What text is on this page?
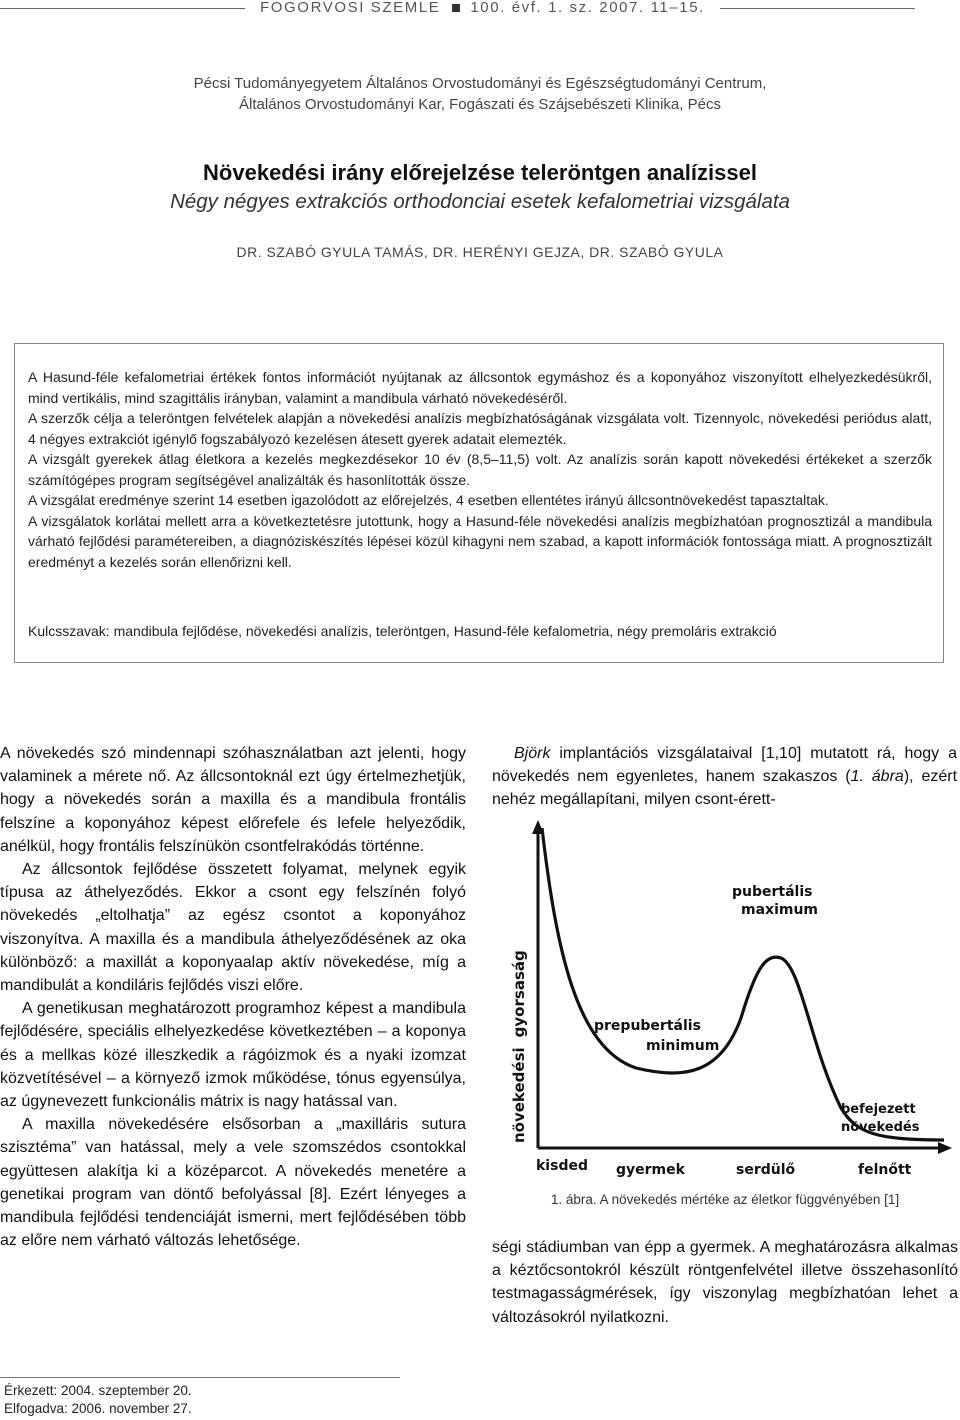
FOGORVOSI SZEMLE 100. évf. 1. sz. 2007. 11–15.
Pécsi Tudományegyetem Általános Orvostudományi és Egészségtudományi Centrum,
Általános Orvostudományi Kar, Fogászati és Szájsebészeti Klinika, Pécs
Növekedési irány előrejelzése teleröntgen analízissel
Négy négyes extrakciós orthodonciai esetek kefalometriai vizsgálata
DR. SZABÓ GYULA TAMÁS, DR. HERÉNYI GEJZA, DR. SZABÓ GYULA

A Hasund-féle kefalometriai értékek fontos információt nyújtanak az állcsontok egymáshoz és a koponyához viszonyított elhelyezkedésükről, mind vertikális, mind szagittális irányban, valamint a mandibula várható növekedéséről.

A szerzők célja a teleröntgen felvételek alapján a növekedési analízis megbízhatóságának vizsgálata volt. Tizennyolc, növekedési periódus alatt, 4 négyes extrakciót igénylő fogszabályozó kezelésen átesett gyerek adatait elemezték.

A vizsgált gyerekek átlag életkora a kezelés megkezdésekor 10 év (8,5–11,5) volt. Az analízis során kapott növekedési értékeket a szerzők számítógépes program segítségével analizálták és hasonlították össze.

A vizsgálat eredménye szerint 14 esetben igazolódott az előrejelzés, 4 esetben ellentétes irányú állcsontnövekedést tapasztaltak.

A vizsgálatok korlátai mellett arra a következtetésre jutottunk, hogy a Hasund-féle növekedési analízis megbízhatóan prognosztizál a mandibula várható fejlődési paramétereiben, a diagnóziskészítés lépései közül kihagyni nem szabad, a kapott információk fontossága miatt. A prognosztizált eredményt a kezelés során ellenőrizni kell.

Kulcsszavak: mandibula fejlődése, növekedési analízis, teleröntgen, Hasund-féle kefalometria, négy premoláris extrakció

A növekedés szó mindennapi szóhasználatban azt jelenti, hogy valaminek a mérete nő. Az állcsontoknál ezt úgy értelmezhetjük, hogy a növekedés során a maxilla és a mandibula frontális felszíne a koponyához képest előrefele és lefele helyeződik, anélkül, hogy frontális felszínükön csontfelrakódás történne.

Az állcsontok fejlődése összetett folyamat, melynek egyik típusa az áthelyeződés. Ekkor a csont egy felszínén folyó növekedés „eltolhatja” az egész csontot a koponyához viszonyítva. A maxilla és a mandibula áthelyeződésének az oka különböző: a maxillát a koponyaalap aktív növekedése, míg a mandibulát a kondiláris fejlődés viszi előre.

A genetikusan meghatározott programhoz képest a mandibula fejlődésére, speciális elhelyezkedése következtében – a koponya és a mellkas közé illeszkedik a rágóizmok és a nyaki izomzat közvetítésével – a környező izmok működése, tónus egyensúlya, az úgynevezett funkcionális mátrix is nagy hatással van.

A maxilla növekedésére elsősorban a „maxilláris sutura szisztéma” van hatással, mely a vele szomszédos csontokkal együttesen alakítja ki a középarcot. A növekedés menetére a genetikai program van döntő befolyással [8]. Ezért lényeges a mandibula fejlődési tendenciáját ismerni, mert fejlődésében több az előre nem várható változás lehetősége.

Björk implantációs vizsgálataival [1,10] mutatott rá, hogy a növekedés nem egyenletes, hanem szakaszos (1. ábra), ezért nehéz megállapítani, milyen csont-érett-

növekedésigyorsaság
pubertális
maximum
prepubertális
minimum
befejezett
növekedés
kisded gyermek	serdülő	felnőtt
1. ábra. A növekedés mértéke az életkor függvényében [1]

ségi stádiumban van épp a gyermek. A meghatározásra alkalmas a kéztőcsontokról készült röntgenfelvétel illetve összehasonlító testmagasságmérések, így viszonylag megbízhatóan lehet a változásokról nyilatkozni.

Érkezett: 2004. szeptember 20.
Elfogadva: 2006. november 27.
